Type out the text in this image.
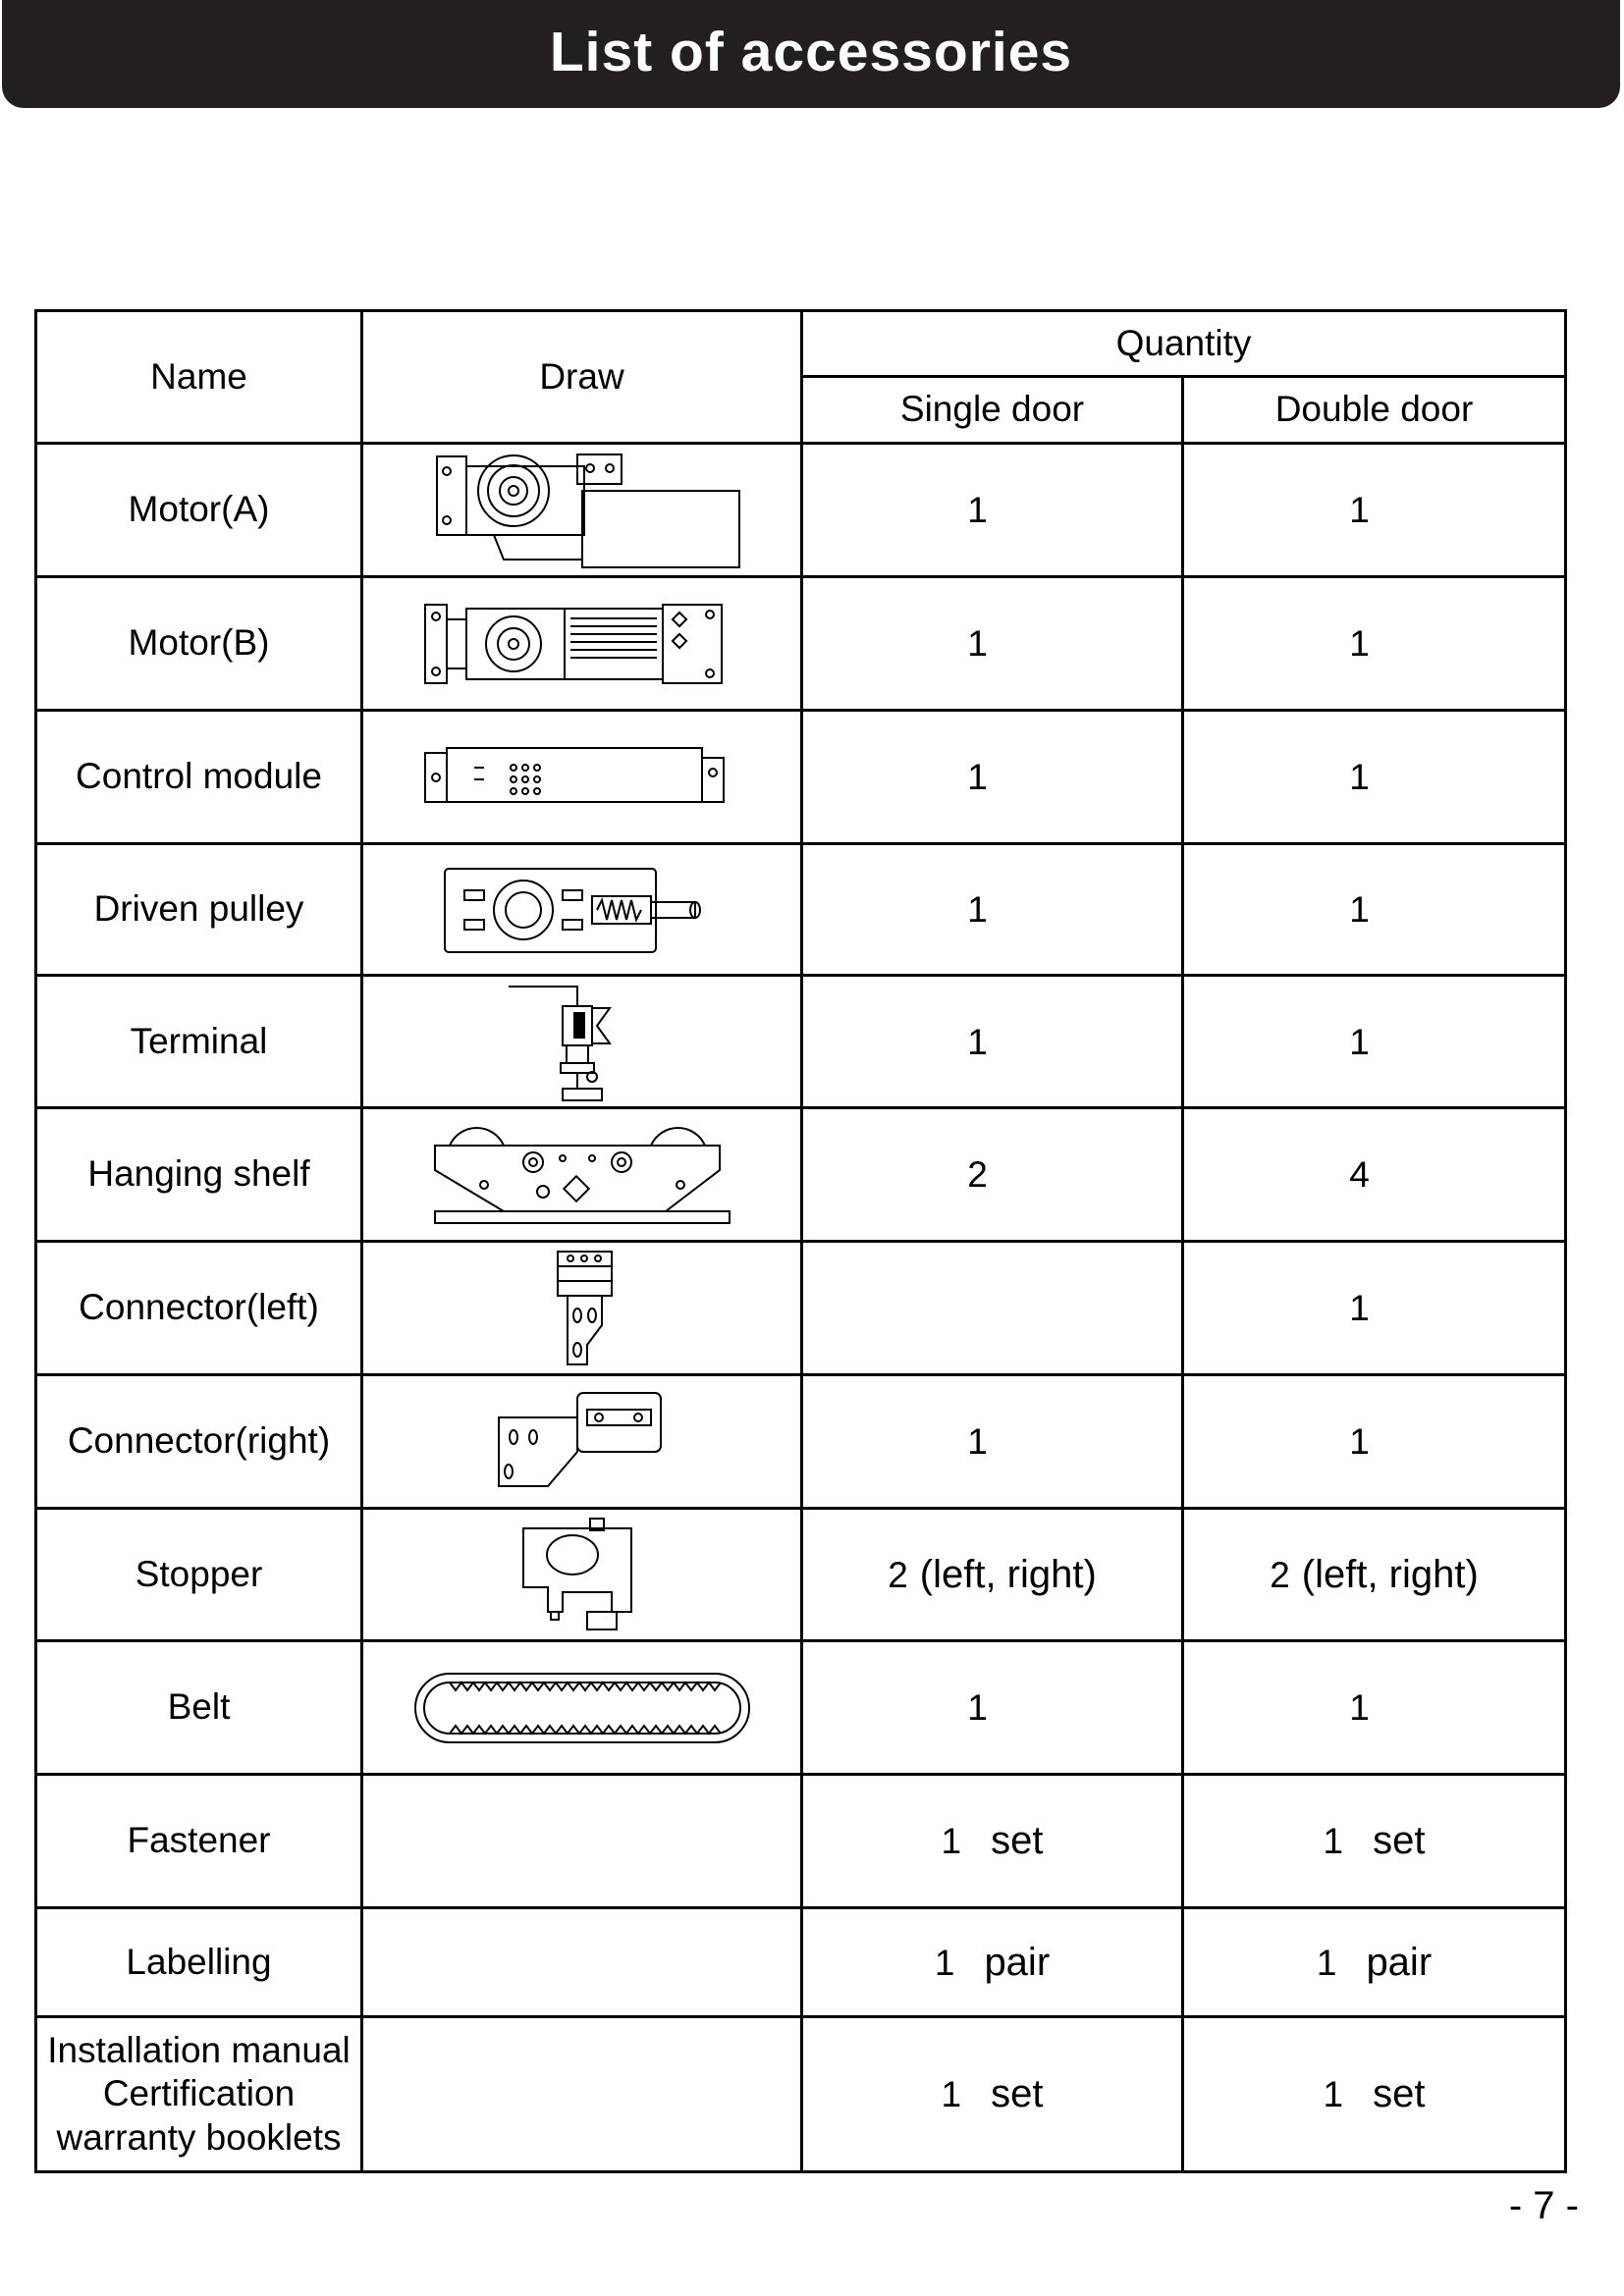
List of accessories
Name	Draw	Quantity	
		Single door	Double door
Motor(A)		1	1
Motor(B)		1	1
Control module		1	1
Driven pulley		1	1
Terminal		1	1
Hanging shelf		2	4
Connector(left)			1
Connector(right)		1	1
Stopper		2 (left, right)	2 (left, right)
Belt		1	1
Fastener		1 set	1 set
Labelling		1 pair	1 pair

Installation manual
Certification
warranty booklets		1 set	1 set
- 7 -
